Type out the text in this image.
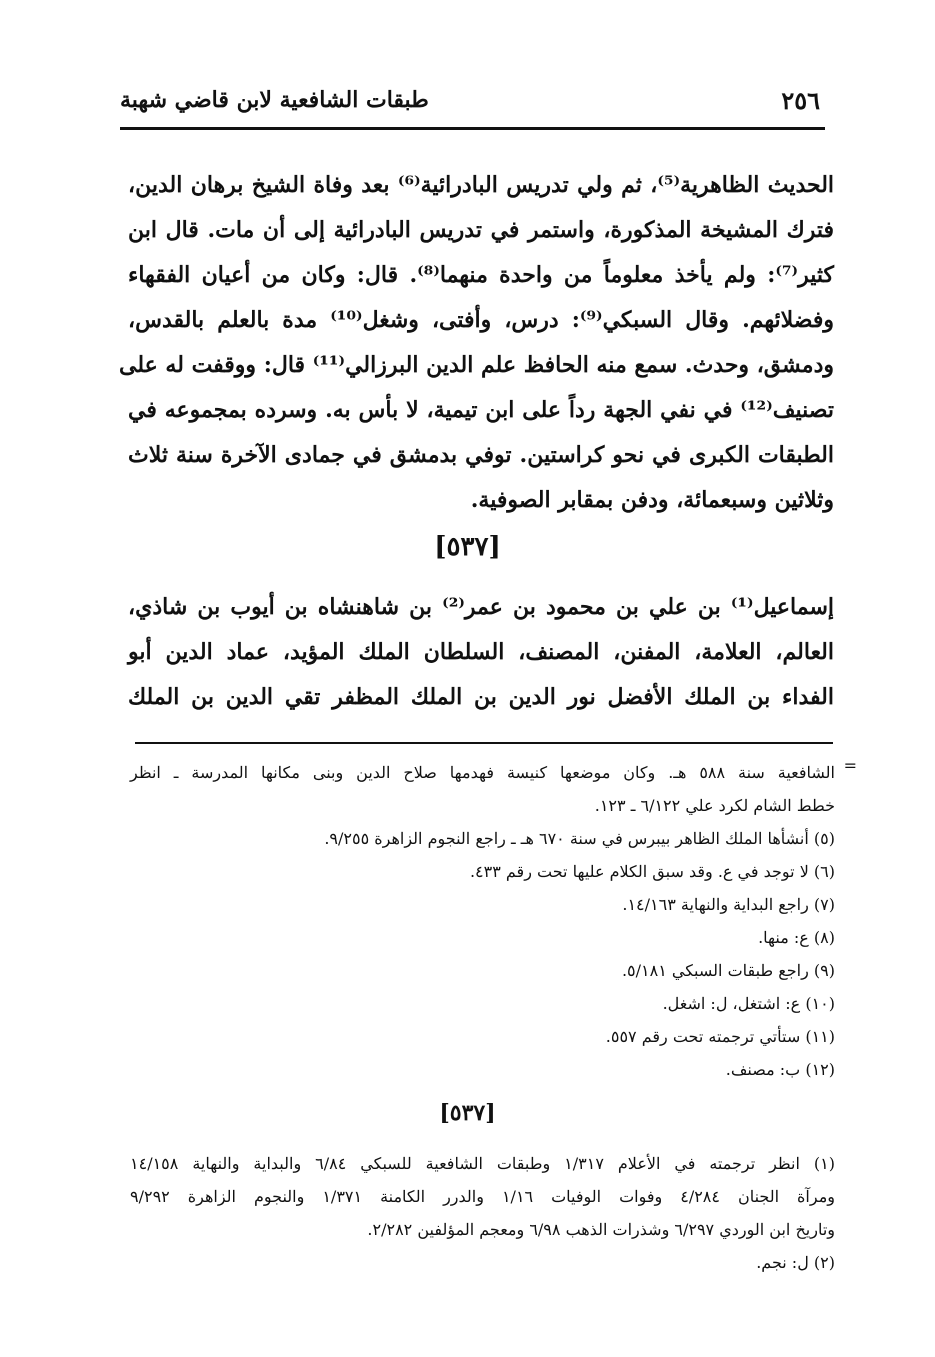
٢٥٦
طبقات الشافعية لابن قاضي شهبة
الحديث الظاهرية⁽⁵⁾، ثم ولي تدريس البادرائية⁽⁶⁾ بعد وفاة الشيخ برهان الدين،
فترك المشيخة المذكورة، واستمر في تدريس البادرائية إلى أن مات. قال ابن
كثير⁽⁷⁾: ولم يأخذ معلوماً من واحدة منهما⁽⁸⁾. قال: وكان من أعيان الفقهاء
وفضلائهم. وقال السبكي⁽⁹⁾: درس، وأفتى، وشغل⁽¹⁰⁾ مدة بالعلم بالقدس،
ودمشق، وحدث. سمع منه الحافظ علم الدين البرزالي⁽¹¹⁾ قال: ووقفت له على
تصنيف⁽¹²⁾ في نفي الجهة رداً على ابن تيمية، لا بأس به. وسرده بمجموعه في
الطبقات الكبرى في نحو كراستين. توفي بدمشق في جمادى الآخرة سنة ثلاث
وثلاثين وسبعمائة، ودفن بمقابر الصوفية.
[٥٣٧]
إسماعيل⁽¹⁾ بن علي بن محمود بن عمر⁽²⁾ بن شاهنشاه بن أيوب بن شاذي،
العالم، العلامة، المفنن، المصنف، السلطان الملك المؤيد، عماد الدين أبو
الفداء بن الملك الأفضل نور الدين بن الملك المظفر تقي الدين بن الملك
=
الشافعية سنة ٥٨٨ هـ. وكان موضعها كنيسة فهدمها صلاح الدين وبنى مكانها المدرسة ـ انظر
خطط الشام لكرد علي ٦/١٢٢ ـ ١٢٣.
(٥) أنشأها الملك الظاهر بيبرس في سنة ٦٧٠ هـ ـ راجع النجوم الزاهرة ٩/٢٥٥.
(٦) لا توجد في ع. وقد سبق الكلام عليها تحت رقم ٤٣٣.
(٧) راجع البداية والنهاية ١٤/١٦٣.
(٨) ع: منها.
(٩) راجع طبقات السبكي ٥/١٨١.
(١٠) ع: اشتغل، ل: اشغل.
(١١) ستأتي ترجمته تحت رقم ٥٥٧.
(١٢) ب: مصنف.
[٥٣٧]
(١) انظر ترجمته في الأعلام ١/٣١٧ وطبقات الشافعية للسبكي ٦/٨٤ والبداية والنهاية ١٤/١٥٨
ومرآة الجنان ٤/٢٨٤ وفوات الوفيات ١/١٦ والدرر الكامنة ١/٣٧١ والنجوم الزاهرة ٩/٢٩٢
وتاريخ ابن الوردي ٦/٢٩٧ وشذرات الذهب ٦/٩٨ ومعجم المؤلفين ٢/٢٨٢.
(٢) ل: نجم.
